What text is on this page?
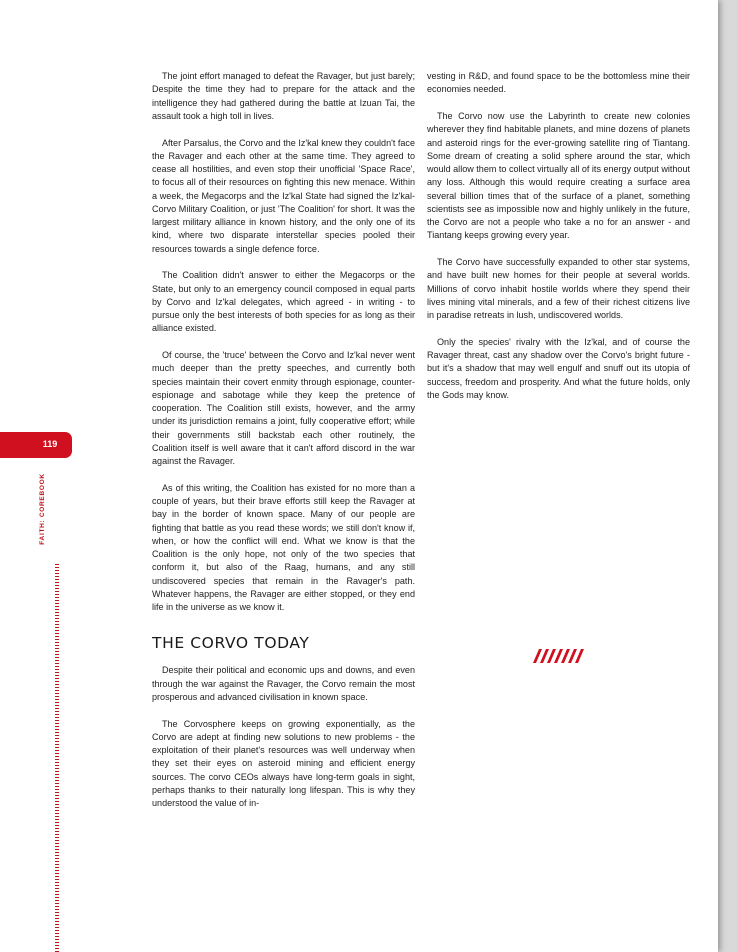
119
FAITH: COREBOOK

The joint effort managed to defeat the Ravager, but just barely; Despite the time they had to prepare for the attack and the intelligence they had gathered during the battle at Izuan Tai, the assault took a high toll in lives.

After Parsalus, the Corvo and the Iz'kal knew they couldn't face the Ravager and each other at the same time. They agreed to cease all hostilities, and even stop their unofficial 'Space Race', to focus all of their resources on fighting this new menace. Within a week, the Megacorps and the Iz'kal State had signed the Iz'kal-Corvo Military Coalition, or just 'The Coalition' for short. It was the largest military alliance in known history, and the only one of its kind, where two disparate interstellar species pooled their resources towards a single defence force.

The Coalition didn't answer to either the Megacorps or the State, but only to an emergency council composed in equal parts by Corvo and Iz'kal delegates, which agreed - in writing - to pursue only the best interests of both species for as long as their alliance existed.

Of course, the 'truce' between the Corvo and Iz'kal never went much deeper than the pretty speeches, and currently both species maintain their covert enmity through espionage, counter-espionage and sabotage while they keep the pretence of cooperation. The Coalition still exists, however, and the army under its jurisdiction remains a joint, fully cooperative effort; while their governments still backstab each other routinely, the Coalition itself is well aware that it can't afford discord in the war against the Ravager.

As of this writing, the Coalition has existed for no more than a couple of years, but their brave efforts still keep the Ravager at bay in the border of known space. Many of our people are fighting that battle as you read these words; we still don't know if, when, or how the conflict will end. What we know is that the Coalition is the only hope, not only of the two species that conform it, but also of the Raag, humans, and any still undiscovered species that remain in the Ravager's path. Whatever happens, the Ravager are either stopped, or they end life in the universe as we know it.

THE CORVO TODAY

Despite their political and economic ups and downs, and even through the war against the Ravager, the Corvo remain the most prosperous and advanced civilisation in known space.

The Corvosphere keeps on growing exponentially, as the Corvo are adept at finding new solutions to new problems - the exploitation of their planet's resources was well underway when they set their eyes on asteroid mining and efficient energy sources. The corvo CEOs always have long-term goals in sight, perhaps thanks to their naturally long lifespan. This is why they understood the value of in-

vesting in R&D, and found space to be the bottomless mine their economies needed.

The Corvo now use the Labyrinth to create new colonies wherever they find habitable planets, and mine dozens of planets and asteroid rings for the ever-growing satellite ring of Tiantang. Some dream of creating a solid sphere around the star, which would allow them to collect virtually all of its energy output without any loss. Although this would require creating a surface area several billion times that of the surface of a planet, something scientists see as impossible now and highly unlikely in the future, the Corvo are not a people who take a no for an answer - and Tiantang keeps growing every year.

The Corvo have successfully expanded to other star systems, and have built new homes for their people at several worlds. Millions of corvo inhabit hostile worlds where they spend their lives mining vital minerals, and a few of their richest citizens live in paradise retreats in lush, undiscovered worlds.

Only the species' rivalry with the Iz'kal, and of course the Ravager threat, cast any shadow over the Corvo's bright future - but it's a shadow that may well engulf and snuff out its utopia of success, freedom and prosperity. And what the future holds, only the Gods may know.
